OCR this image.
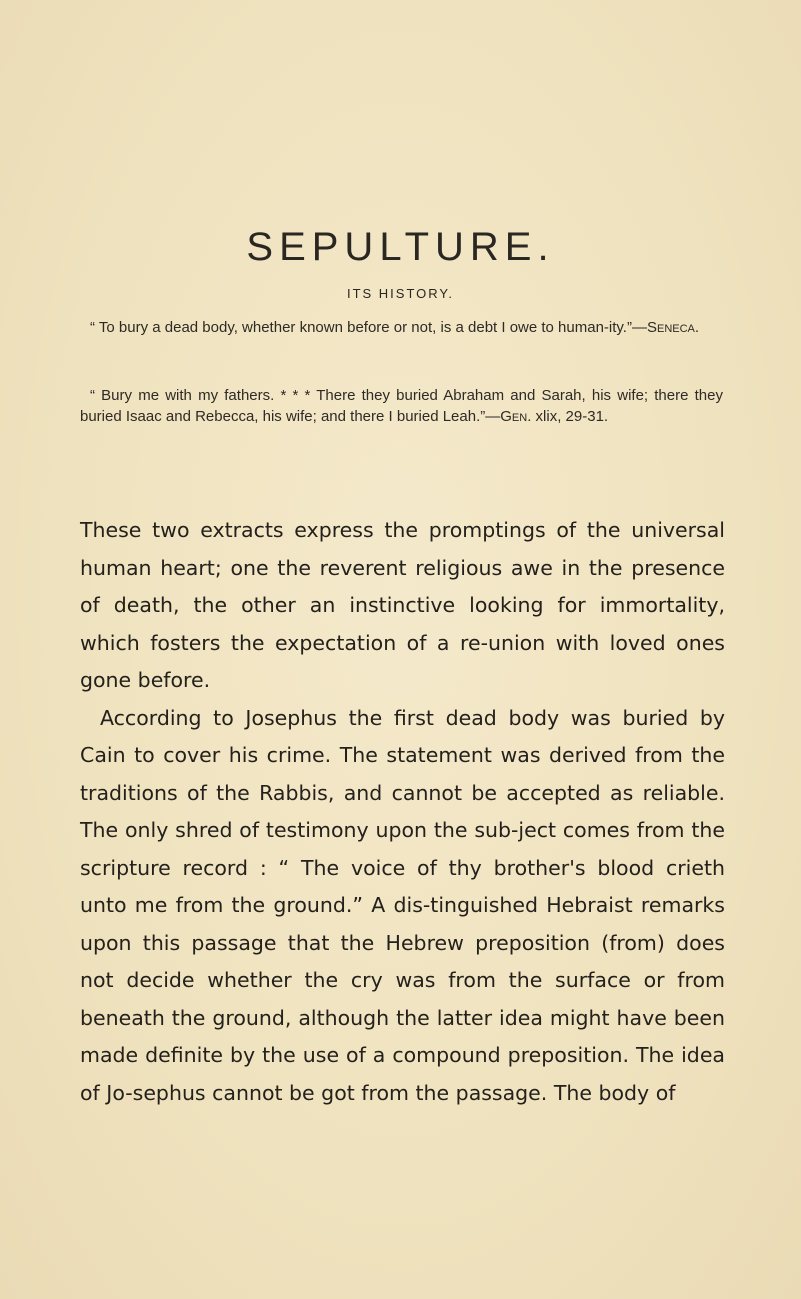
SEPULTURE.
ITS HISTORY.

“ To bury a dead body, whether known before or not, is a debt I owe to human-ity.”—Seneca.

“ Bury me with my fathers. * * * There they buried Abraham and Sarah, his wife; there they buried Isaac and Rebecca, his wife; and there I buried Leah.”—Gen. xlix, 29-31.

These two extracts express the promptings of the universal human heart; one the reverent religious awe in the presence of death, the other an instinctive looking for immortality, which fosters the expectation of a re-union with loved ones gone before.

According to Josephus the first dead body was buried by Cain to cover his crime. The statement was derived from the traditions of the Rabbis, and cannot be accepted as reliable. The only shred of testimony upon the sub-ject comes from the scripture record : “ The voice of thy brother's blood crieth unto me from the ground.” A dis-tinguished Hebraist remarks upon this passage that the Hebrew preposition (from) does not decide whether the cry was from the surface or from beneath the ground, although the latter idea might have been made definite by the use of a compound preposition. The idea of Jo-sephus cannot be got from the passage. The body of
